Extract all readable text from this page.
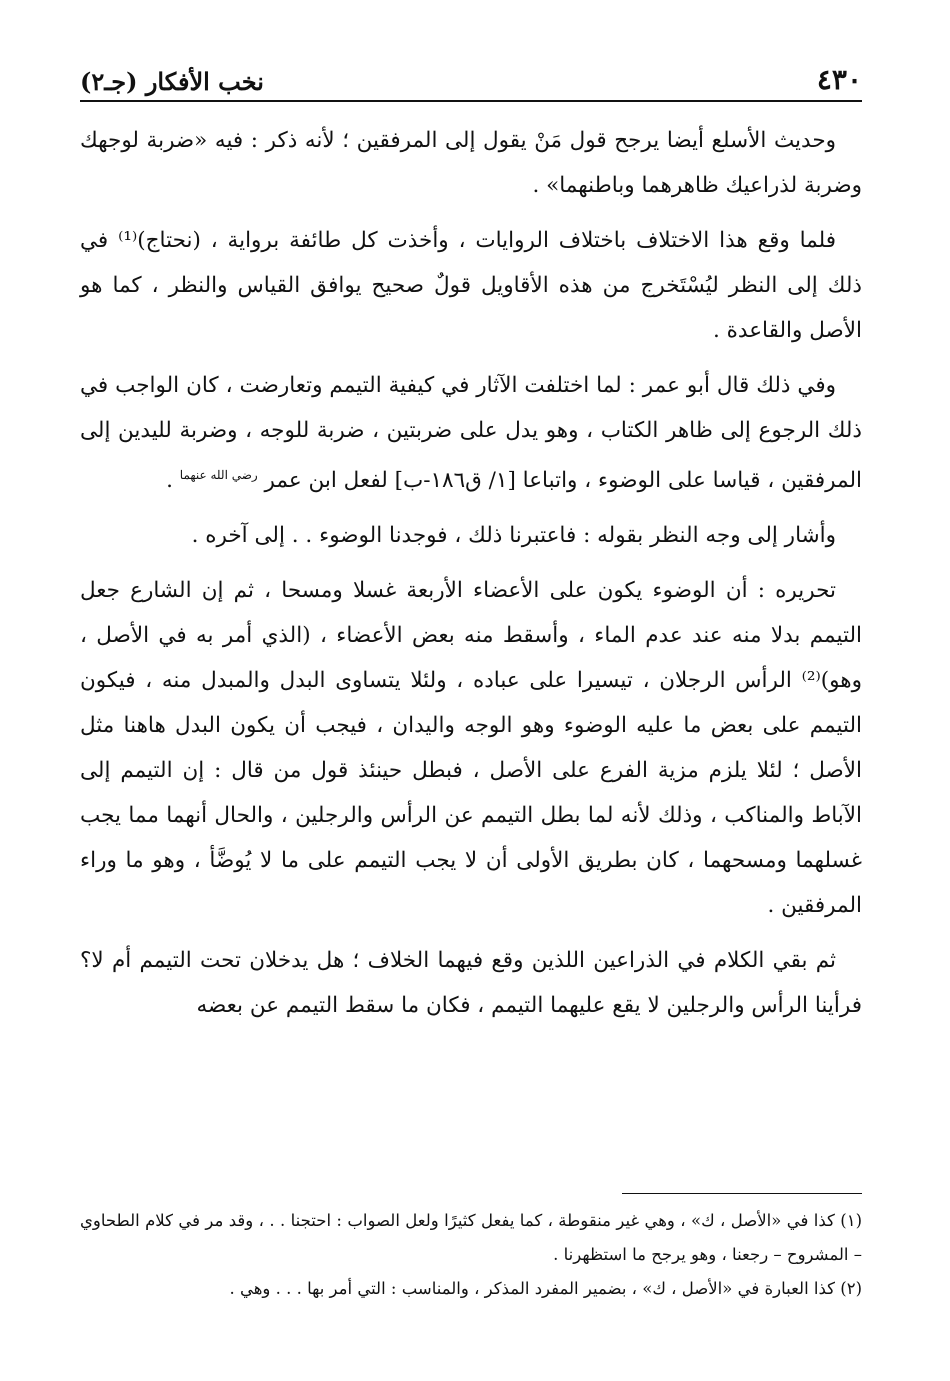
٤٣٠
نخب الأفكار (جـ٢)

وحديث الأسلع أيضا يرجح قول مَنْ يقول إلى المرفقين ؛ لأنه ذكر : فيه «ضربة لوجهك وضربة لذراعيك ظاهرهما وباطنهما» .

فلما وقع هذا الاختلاف باختلاف الروايات ، وأخذت كل طائفة برواية ، (نحتاج)⁽¹⁾ في ذلك إلى النظر ليُسْتَخرج من هذه الأقاويل قولٌ صحيح يوافق القياس والنظر ، كما هو الأصل والقاعدة .

وفي ذلك قال أبو عمر : لما اختلفت الآثار في كيفية التيمم وتعارضت ، كان الواجب في ذلك الرجوع إلى ظاهر الكتاب ، وهو يدل على ضربتين ، ضربة للوجه ، وضربة لليدين إلى المرفقين ، قياسا على الوضوء ، واتباعا [١/ ق١٨٦-ب] لفعل ابن عمر $^{رضي الله عنهما}$ .

وأشار إلى وجه النظر بقوله : فاعتبرنا ذلك ، فوجدنا الوضوء . . إلى آخره .

تحريره : أن الوضوء يكون على الأعضاء الأربعة غسلا ومسحا ، ثم إن الشارع جعل التيمم بدلا منه عند عدم الماء ، وأسقط منه بعض الأعضاء ، (الذي أمر به في الأصل ، وهو)⁽²⁾ الرأس الرجلان ، تيسيرا على عباده ، ولئلا يتساوى البدل والمبدل منه ، فيكون التيمم على بعض ما عليه الوضوء وهو الوجه واليدان ، فيجب أن يكون البدل هاهنا مثل الأصل ؛ لئلا يلزم مزية الفرع على الأصل ، فبطل حينئذ قول من قال : إن التيمم إلى الآباط والمناكب ، وذلك لأنه لما بطل التيمم عن الرأس والرجلين ، والحال أنهما مما يجب غسلهما ومسحهما ، كان بطريق الأولى أن لا يجب التيمم على ما لا يُوضَّأ ، وهو ما وراء المرفقين .

ثم بقي الكلام في الذراعين اللذين وقع فيهما الخلاف ؛ هل يدخلان تحت التيمم أم لا؟ فرأينا الرأس والرجلين لا يقع عليهما التيمم ، فكان ما سقط التيمم عن بعضه

(١) كذا في «الأصل ، ك» ، وهي غير منقوطة ، كما يفعل كثيرًا ولعل الصواب : احتجنا . . ، وقد مر في كلام الطحاوي – المشروح – رجعنا ، وهو يرجح ما استظهرنا .

(٢) كذا العبارة في «الأصل ، ك» ، بضمير المفرد المذكر ، والمناسب : التي أمر بها . . . وهي .
